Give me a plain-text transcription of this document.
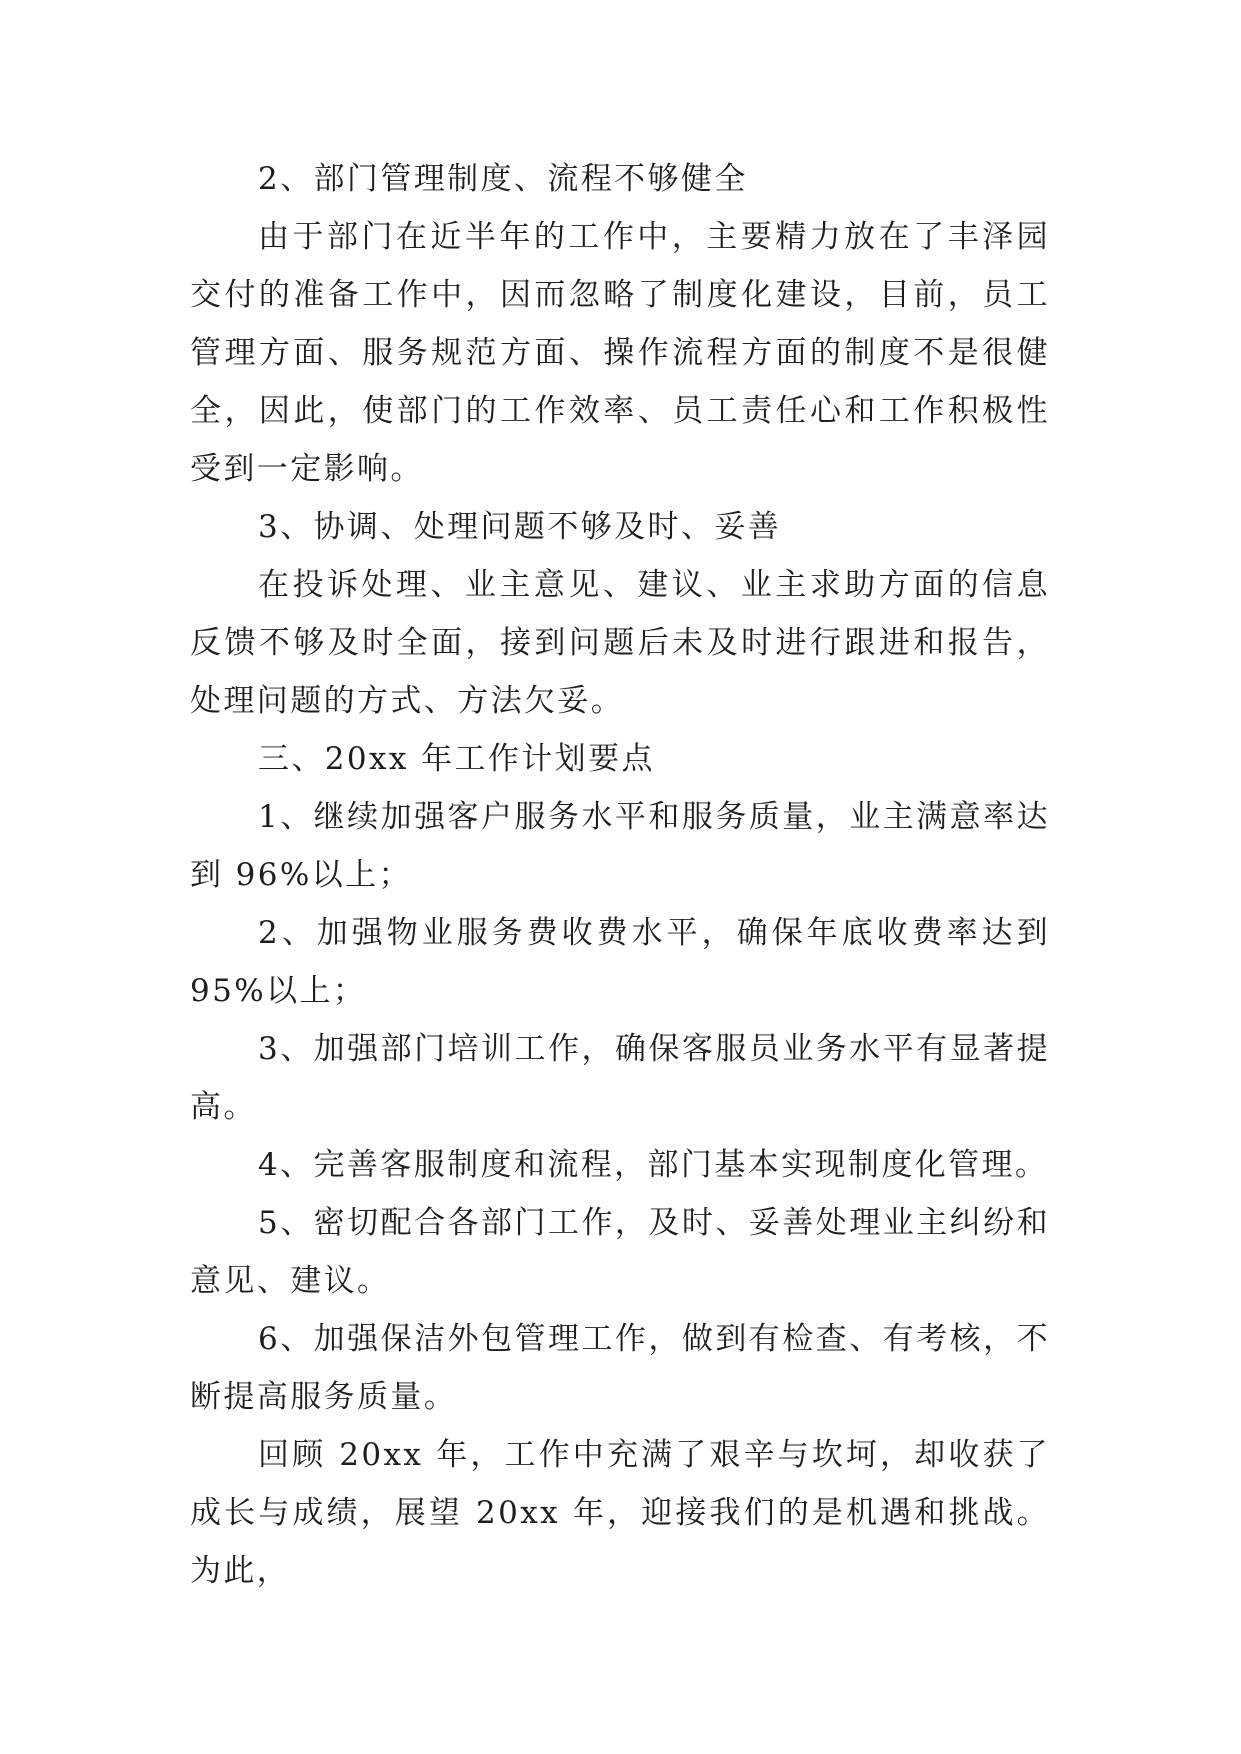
2、部门管理制度、流程不够健全

由于部门在近半年的工作中，主要精力放在了丰泽园交付的准备工作中，因而忽略了制度化建设，目前，员工管理方面、服务规范方面、操作流程方面的制度不是很健全，因此，使部门的工作效率、员工责任心和工作积极性受到一定影响。

3、协调、处理问题不够及时、妥善

在投诉处理、业主意见、建议、业主求助方面的信息反馈不够及时全面，接到问题后未及时进行跟进和报告，处理问题的方式、方法欠妥。

三、20xx 年工作计划要点

1、继续加强客户服务水平和服务质量，业主满意率达到 96%以上；

2、加强物业服务费收费水平，确保年底收费率达到 95%以上；

3、加强部门培训工作，确保客服员业务水平有显著提高。

4、完善客服制度和流程，部门基本实现制度化管理。

5、密切配合各部门工作，及时、妥善处理业主纠纷和意见、建议。

6、加强保洁外包管理工作，做到有检查、有考核，不断提高服务质量。

回顾 20xx 年，工作中充满了艰辛与坎坷，却收获了成长与成绩，展望 20xx 年，迎接我们的是机遇和挑战。为此，
